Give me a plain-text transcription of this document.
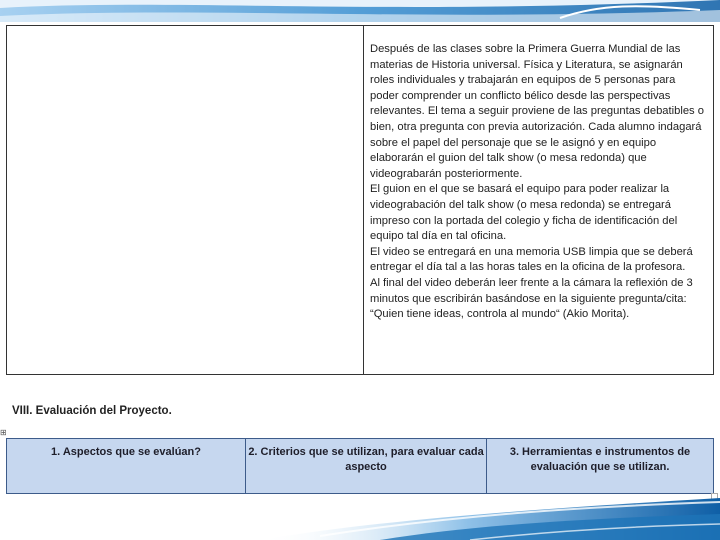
Después de las clases sobre la Primera Guerra Mundial de las materias de Historia universal. Física y Literatura, se asignarán roles individuales y trabajarán en equipos de 5 personas para poder comprender un conflicto bélico desde las perspectivas relevantes. El tema a seguir proviene de las preguntas debatibles o bien, otra pregunta con previa autorización. Cada alumno indagará sobre el papel del personaje que se le asignó y en equipo elaborarán el guion del talk show (o mesa redonda) que videograbarán posteriormente.

El guion en el que se basará el equipo para poder realizar la videograbación del talk show (o mesa redonda) se entregará impreso con la portada del colegio y ficha de identificación del equipo tal día en tal oficina.

El video se entregará en una memoria USB limpia que se deberá entregar el día tal a las horas tales en la oficina de la profesora.

Al final del video deberán leer frente a la cámara la reflexión de 3 minutos que escribirán basándose en la siguiente pregunta/cita: “Quien tiene ideas, controla al mundo“ (Akio Morita).

⊞
VIII. Evaluación del Proyecto.
1. Aspectos que se evalúan?	2. Criterios que se utilizan, para evaluar cada aspecto
3. Herramientas e instrumentos de evaluación que se utilizan.
